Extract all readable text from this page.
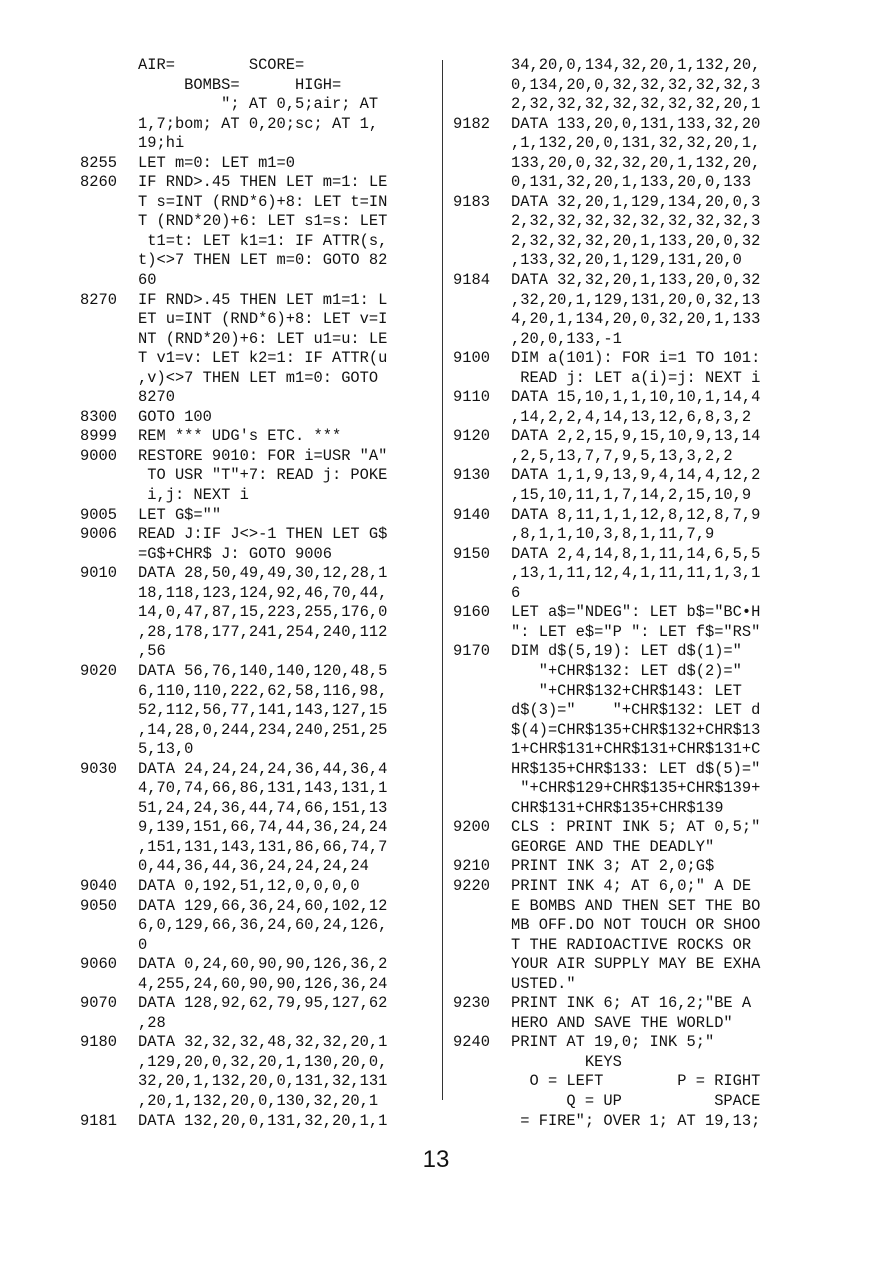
AIR=        SCORE=
BOMBS=      HIGH=
"; AT 0,5;air; AT
1,7;bom; AT 0,20;sc; AT 1,
19;hi
8255	LET m=0: LET m1=0
8260	IF RND>.45 THEN LET m=1: LE
T s=INT (RND*6)+8: LET t=IN
T (RND*20)+6: LET s1=s: LET
t1=t: LET k1=1: IF ATTR(s,
t)<>7 THEN LET m=0: GOTO 82
60
8270	IF RND>.45 THEN LET m1=1: L
ET u=INT (RND*6)+8: LET v=I
NT (RND*20)+6: LET u1=u: LE
T v1=v: LET k2=1: IF ATTR(u
,v)<>7 THEN LET m1=0: GOTO
8270
8300	GOTO 100
8999	REM *** UDG's ETC. ***
9000	RESTORE 9010: FOR i=USR "A"
TO USR "T"+7: READ j: POKE
i,j: NEXT i
9005	LET G$=""
9006	READ J:IF J<>-1 THEN LET G$
=G$+CHR$ J: GOTO 9006
9010	DATA 28,50,49,49,30,12,28,1
18,118,123,124,92,46,70,44,
14,0,47,87,15,223,255,176,0
,28,178,177,241,254,240,112
,56
9020	DATA 56,76,140,140,120,48,5
6,110,110,222,62,58,116,98,
52,112,56,77,141,143,127,15
,14,28,0,244,234,240,251,25
5,13,0
9030	DATA 24,24,24,24,36,44,36,4
4,70,74,66,86,131,143,131,1
51,24,24,36,44,74,66,151,13
9,139,151,66,74,44,36,24,24
,151,131,143,131,86,66,74,7
0,44,36,44,36,24,24,24,24
9040	DATA 0,192,51,12,0,0,0,0
9050	DATA 129,66,36,24,60,102,12
6,0,129,66,36,24,60,24,126,
0
9060	DATA 0,24,60,90,90,126,36,2
4,255,24,60,90,90,126,36,24
9070	DATA 128,92,62,79,95,127,62
,28
9180	DATA 32,32,32,48,32,32,20,1
,129,20,0,32,20,1,130,20,0,
32,20,1,132,20,0,131,32,131
,20,1,132,20,0,130,32,20,1
9181	DATA 132,20,0,131,32,20,1,1
34,20,0,134,32,20,1,132,20,
0,134,20,0,32,32,32,32,32,3
2,32,32,32,32,32,32,32,20,1
9182	DATA 133,20,0,131,133,32,20
,1,132,20,0,131,32,32,20,1,
133,20,0,32,32,20,1,132,20,
0,131,32,20,1,133,20,0,133
9183	DATA 32,20,1,129,134,20,0,3
2,32,32,32,32,32,32,32,32,3
2,32,32,32,20,1,133,20,0,32
,133,32,20,1,129,131,20,0
9184	DATA 32,32,20,1,133,20,0,32
,32,20,1,129,131,20,0,32,13
4,20,1,134,20,0,32,20,1,133
,20,0,133,-1
9100	DIM a(101): FOR i=1 TO 101:
READ j: LET a(i)=j: NEXT i
9110	DATA 15,10,1,1,10,10,1,14,4
,14,2,2,4,14,13,12,6,8,3,2
9120	DATA 2,2,15,9,15,10,9,13,14
,2,5,13,7,7,9,5,13,3,2,2
9130	DATA 1,1,9,13,9,4,14,4,12,2
,15,10,11,1,7,14,2,15,10,9
9140	DATA 8,11,1,1,12,8,12,8,7,9
,8,1,1,10,3,8,1,11,7,9
9150	DATA 2,4,14,8,1,11,14,6,5,5
,13,1,11,12,4,1,11,11,1,3,1
6
9160	LET a$="NDEG": LET b$="BC•H
": LET e$="P ": LET f$="RS"
9170	DIM d$(5,19): LET d$(1)="
"+CHR$132: LET d$(2)="
"+CHR$132+CHR$143: LET
d$(3)="    "+CHR$132: LET d
$(4)=CHR$135+CHR$132+CHR$13
1+CHR$131+CHR$131+CHR$131+C
HR$135+CHR$133: LET d$(5)="
"+CHR$129+CHR$135+CHR$139+
CHR$131+CHR$135+CHR$139
9200	CLS : PRINT INK 5; AT 0,5;"
GEORGE AND THE DEADLY"
9210	PRINT INK 3; AT 2,0;G$
9220	PRINT INK 4; AT 6,0;" A DE
E BOMBS AND THEN SET THE BO
MB OFF.DO NOT TOUCH OR SHOO
T THE RADIOACTIVE ROCKS OR
YOUR AIR SUPPLY MAY BE EXHA
USTED."
9230	PRINT INK 6; AT 16,2;"BE A
HERO AND SAVE THE WORLD"
9240	PRINT AT 19,0; INK 5;"
KEYS
O = LEFT        P = RIGHT
Q = UP          SPACE
= FIRE"; OVER 1; AT 19,13;
13
